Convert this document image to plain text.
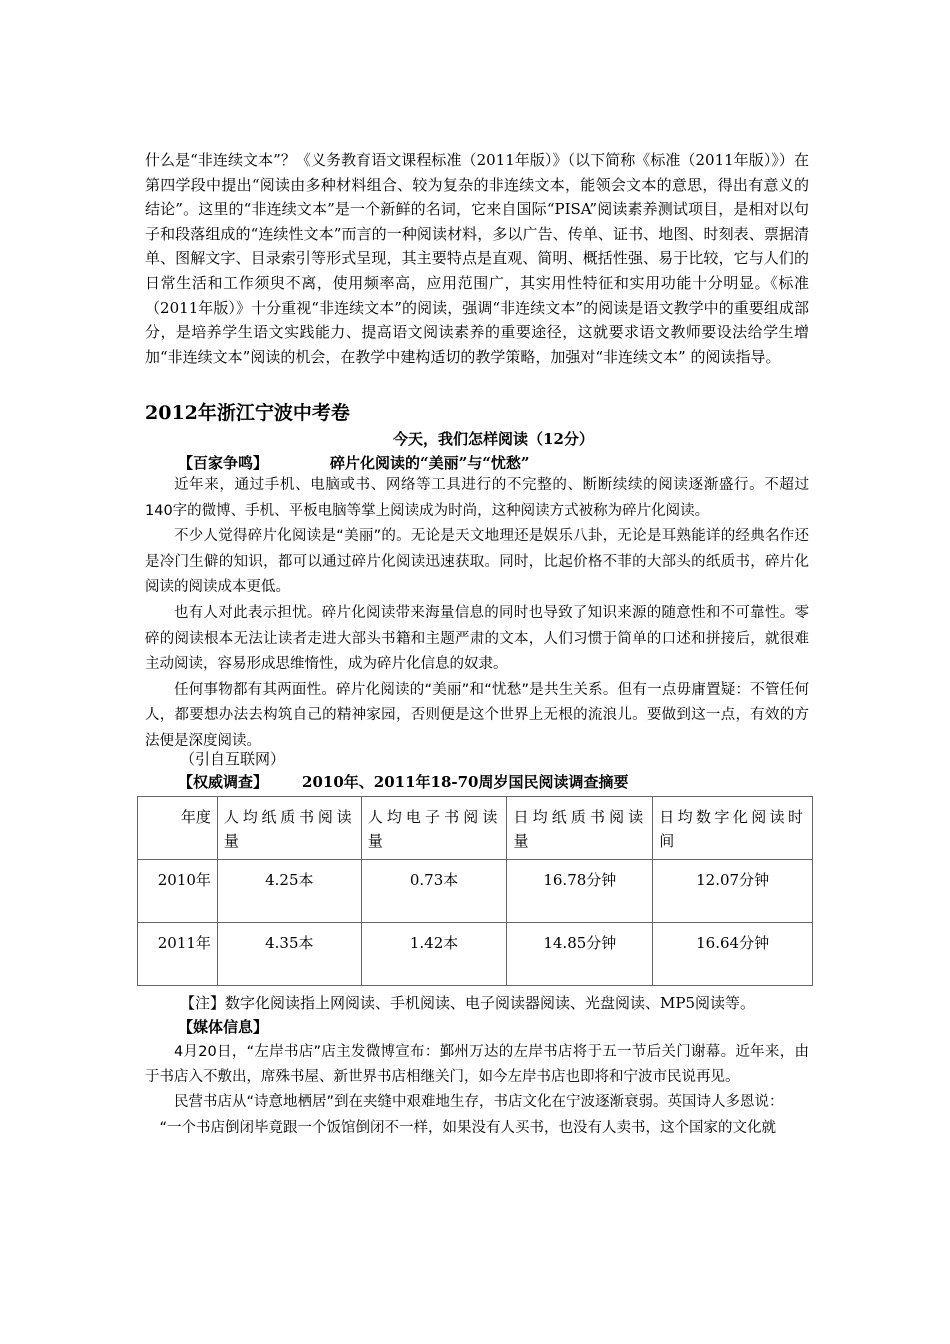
什么是“非连续文本”？《义务教育语文课程标准（2011年版）》（以下简称《标准（2011年版）》）在第四学段中提出“阅读由多种材料组合、较为复杂的非连续文本，能领会文本的意思，得出有意义的结论”。这里的“非连续文本”是一个新鲜的名词，它来自国际“PISA”阅读素养测试项目，是相对以句子和段落组成的“连续性文本”而言的一种阅读材料，多以广告、传单、证书、地图、时刻表、票据清单、图解文字、目录索引等形式呈现，其主要特点是直观、简明、概括性强、易于比较，它与人们的日常生活和工作须臾不离，使用频率高，应用范围广，其实用性特征和实用功能十分明显。《标准（2011年版）》十分重视“非连续文本”的阅读，强调“非连续文本”的阅读是语文教学中的重要组成部分，是培养学生语文实践能力、提高语文阅读素养的重要途径，这就要求语文教师要设法给学生增加“非连续文本”阅读的机会，在教学中建构适切的教学策略，加强对“非连续文本” 的阅读指导。

2012年浙江宁波中考卷
今天，我们怎样阅读（12分）
【百家争鸣】	碎片化阅读的“美丽”与“忧愁”

近年来，通过手机、电脑或书、网络等工具进行的不完整的、断断续续的阅读逐渐盛行。不超过140字的微博、手机、平板电脑等掌上阅读成为时尚，这种阅读方式被称为碎片化阅读。

不少人觉得碎片化阅读是“美丽”的。无论是天文地理还是娱乐八卦，无论是耳熟能详的经典名作还是冷门生僻的知识，都可以通过碎片化阅读迅速获取。同时，比起价格不菲的大部头的纸质书，碎片化阅读的阅读成本更低。

也有人对此表示担忧。碎片化阅读带来海量信息的同时也导致了知识来源的随意性和不可靠性。零碎的阅读根本无法让读者走进大部头书籍和主题严肃的文本，人们习惯于简单的口述和拼接后，就很难主动阅读，容易形成思维惰性，成为碎片化信息的奴隶。

任何事物都有其两面性。碎片化阅读的“美丽”和“忧愁”是共生关系。但有一点毋庸置疑：不管任何人，都要想办法去构筑自己的精神家园，否则便是这个世界上无根的流浪儿。要做到这一点，有效的方法便是深度阅读。

（引自互联网）
【权威调查】 2010年、2011年18-70周岁国民阅读调查摘要
年度	人均纸质书阅读量	人均电子书阅读量	日均纸质书阅读量	日均数字化阅读时间
2010年	4.25本	0.73本	16.78分钟	12.07分钟
2011年	4.35本	1.42本	14.85分钟	16.64分钟
【注】数字化阅读指上网阅读、手机阅读、电子阅读器阅读、光盘阅读、MP5阅读等。
【媒体信息】

4月20日，“左岸书店”店主发微博宣布：鄞州万达的左岸书店将于五一节后关门谢幕。近年来，由于书店入不敷出，席殊书屋、新世界书店相继关门，如今左岸书店也即将和宁波市民说再见。

民营书店从“诗意地栖居”到在夹缝中艰难地生存，书店文化在宁波逐渐衰弱。英国诗人多恩说：

“一个书店倒闭毕竟跟一个饭馆倒闭不一样，如果没有人买书，也没有人卖书，这个国家的文化就
